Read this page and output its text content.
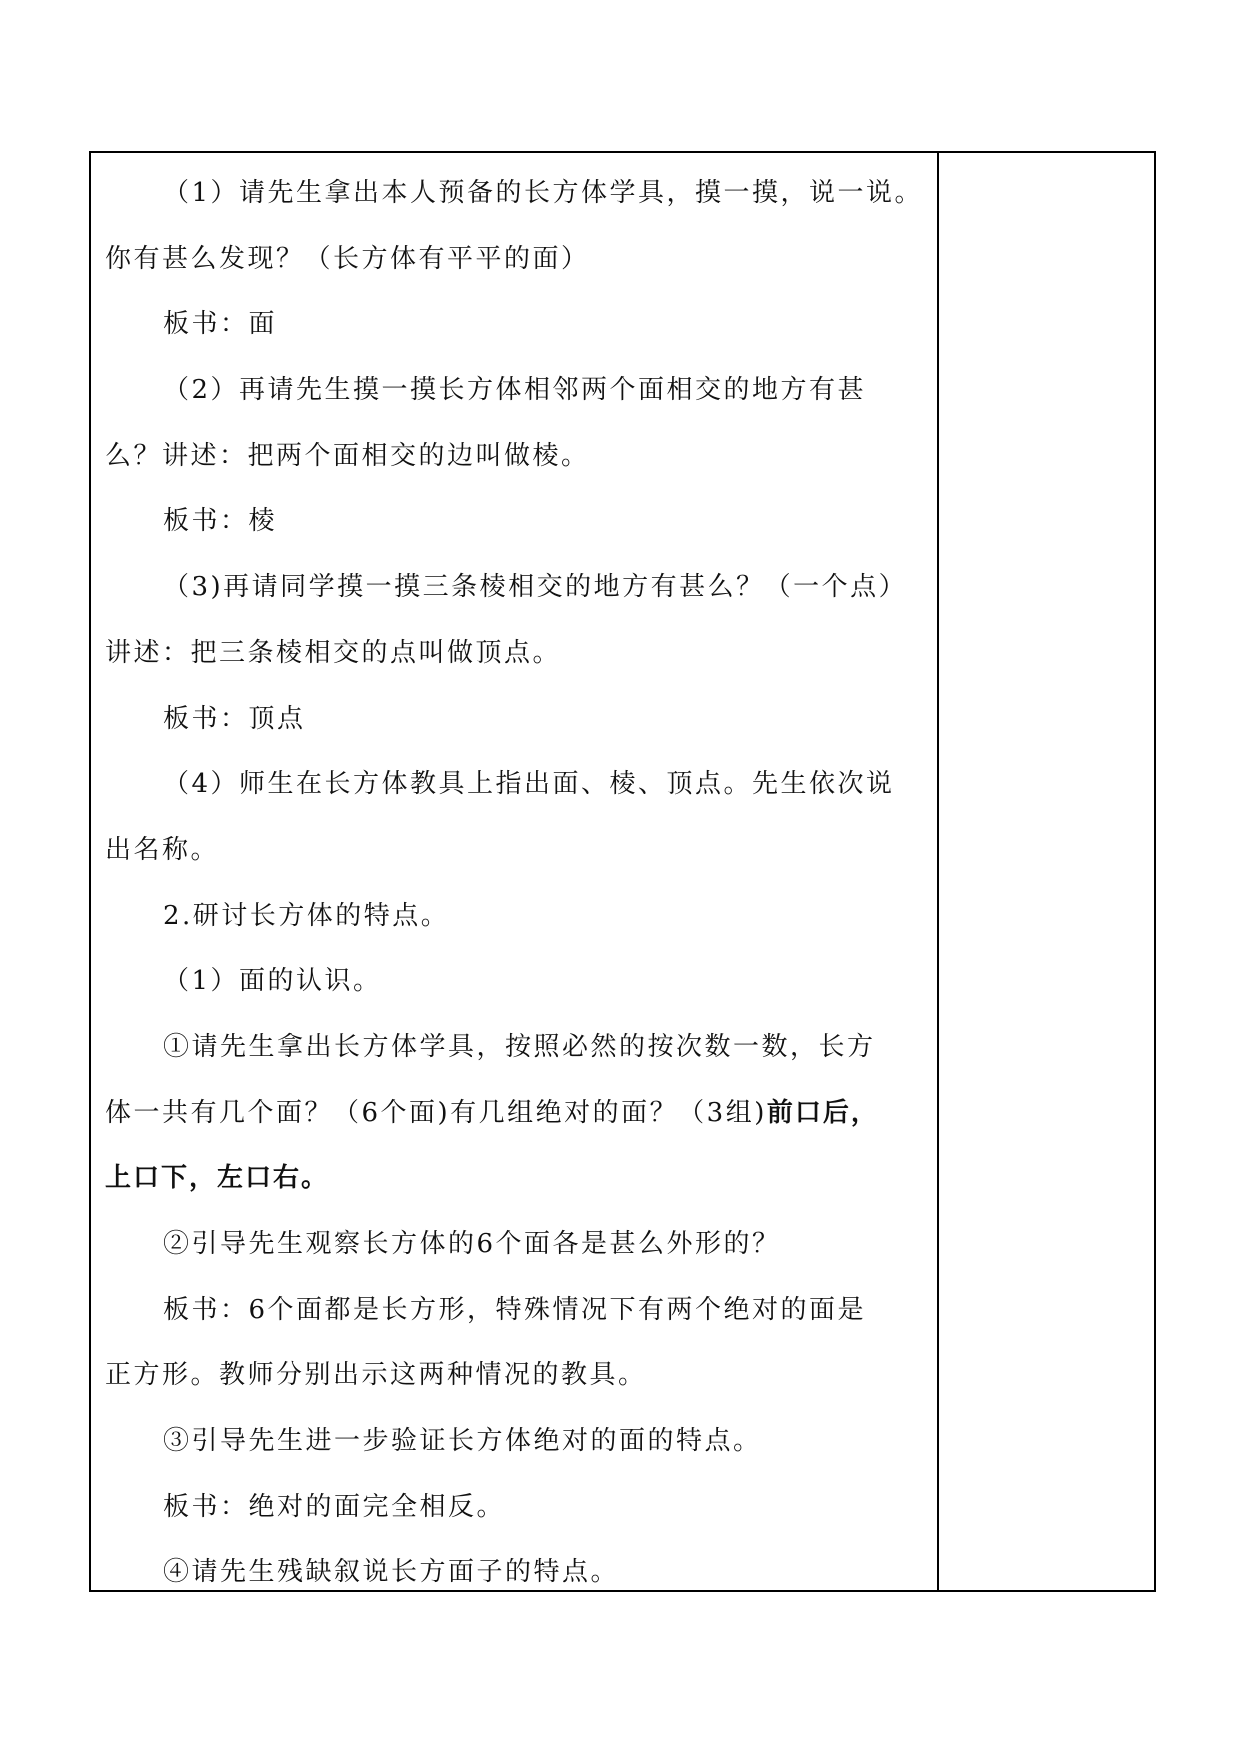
（1）请先生拿出本人预备的长方体学具，摸一摸，说一说。
你有甚么发现？（长方体有平平的面）
板书：面
（2）再请先生摸一摸长方体相邻两个面相交的地方有甚
么？讲述：把两个面相交的边叫做棱。
板书：棱
（3)再请同学摸一摸三条棱相交的地方有甚么？（一个点）
讲述：把三条棱相交的点叫做顶点。
板书：顶点
（4）师生在长方体教具上指出面、棱、顶点。先生依次说
出名称。
2.研讨长方体的特点。
（1）面的认识。
①请先生拿出长方体学具，按照必然的按次数一数，长方
体一共有几个面？（6个面)有几组绝对的面？（3组)前口后，
上口下，左口右。
②引导先生观察长方体的6个面各是甚么外形的？
板书：6个面都是长方形，特殊情况下有两个绝对的面是
正方形。教师分别出示这两种情况的教具。
③引导先生进一步验证长方体绝对的面的特点。
板书：绝对的面完全相反。
④请先生残缺叙说长方面子的特点。
